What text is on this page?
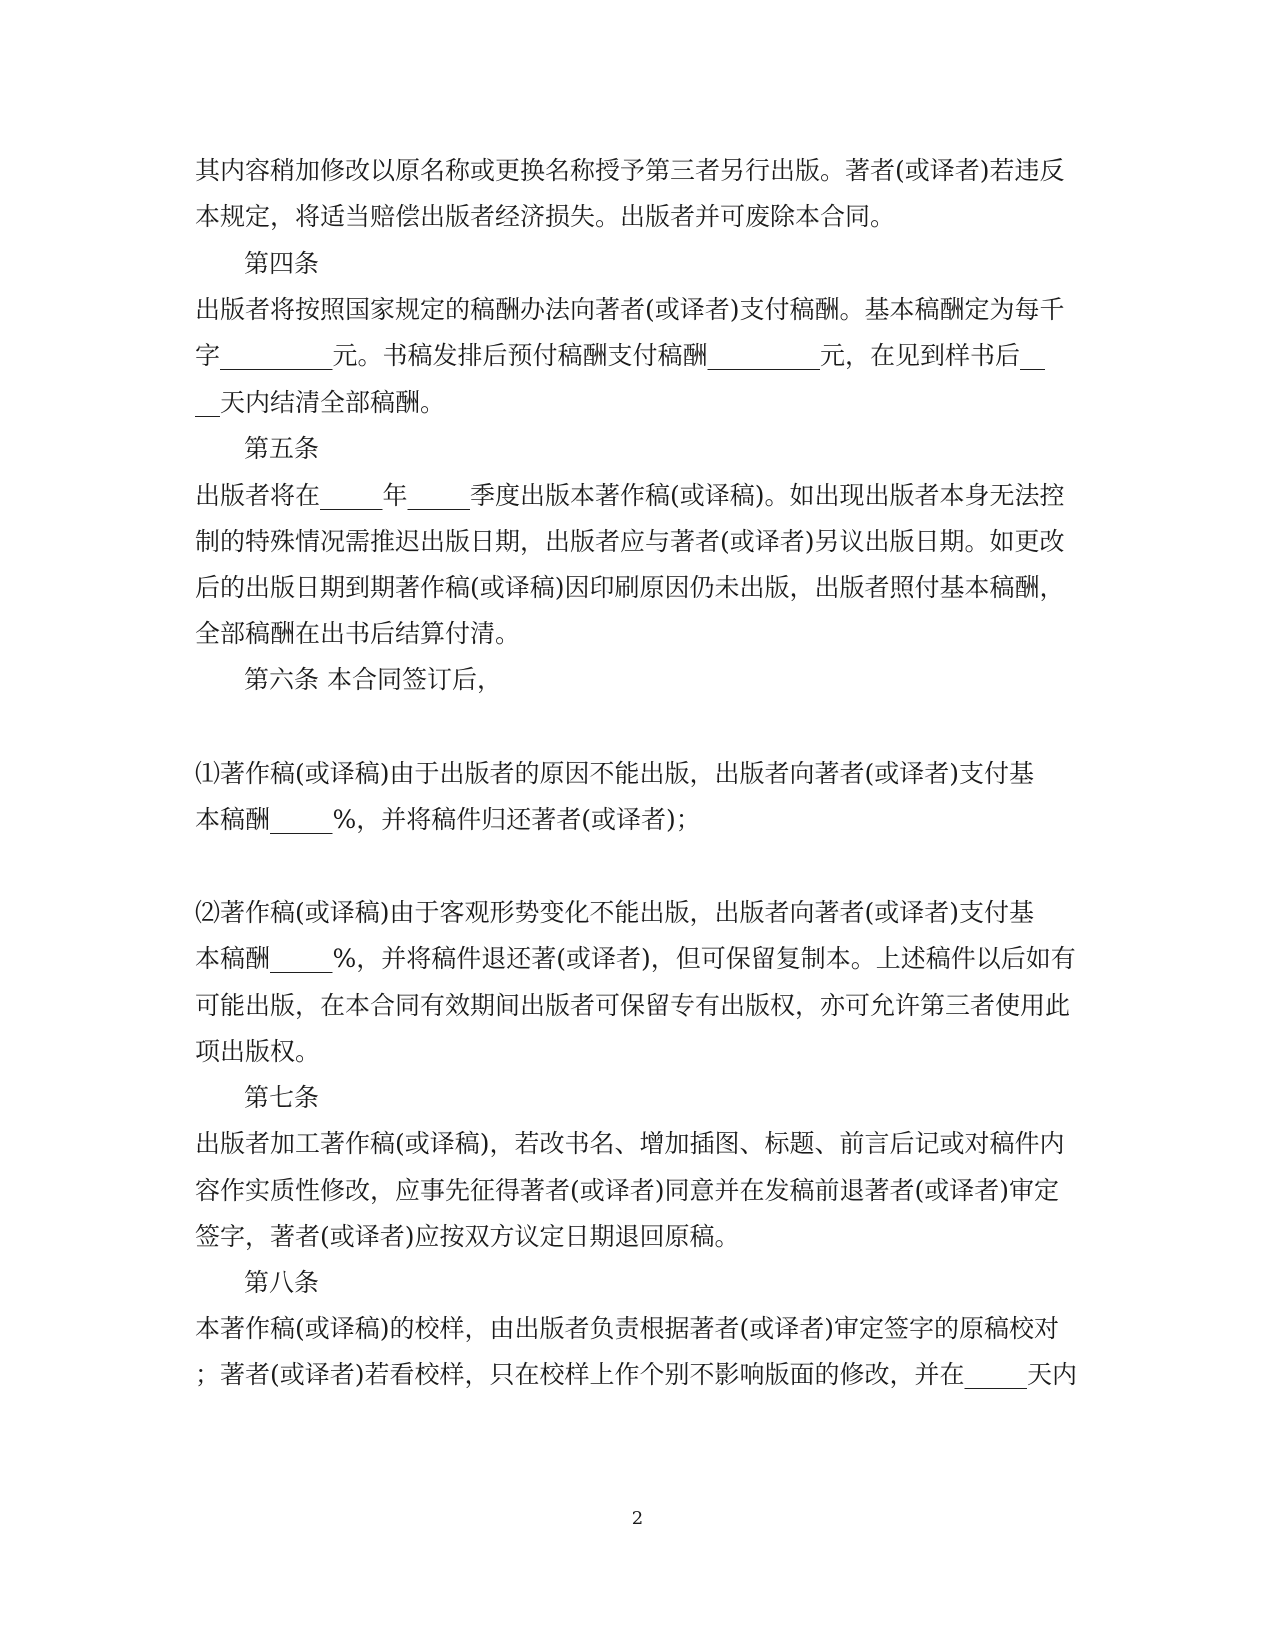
其内容稍加修改以原名称或更换名称授予第三者另行出版。著者(或译者)若违反
本规定，将适当赔偿出版者经济损失。出版者并可废除本合同。
第四条
出版者将按照国家规定的稿酬办法向著者(或译者)支付稿酬。基本稿酬定为每千
字_________元。书稿发排后预付稿酬支付稿酬_________元，在见到样书后__
__天内结清全部稿酬。
第五条
出版者将在_____年_____季度出版本著作稿(或译稿)。如出现出版者本身无法控
制的特殊情况需推迟出版日期，出版者应与著者(或译者)另议出版日期。如更改
后的出版日期到期著作稿(或译稿)因印刷原因仍未出版，出版者照付基本稿酬，
全部稿酬在出书后结算付清。
第六条 本合同签订后，
⑴著作稿(或译稿)由于出版者的原因不能出版，出版者向著者(或译者)支付基
本稿酬_____%，并将稿件归还著者(或译者)；
⑵著作稿(或译稿)由于客观形势变化不能出版，出版者向著者(或译者)支付基
本稿酬_____%，并将稿件退还著(或译者)，但可保留复制本。上述稿件以后如有
可能出版，在本合同有效期间出版者可保留专有出版权，亦可允许第三者使用此
项出版权。
第七条
出版者加工著作稿(或译稿)，若改书名、增加插图、标题、前言后记或对稿件内
容作实质性修改，应事先征得著者(或译者)同意并在发稿前退著者(或译者)审定
签字，著者(或译者)应按双方议定日期退回原稿。
第八条
本著作稿(或译稿)的校样，由出版者负责根据著者(或译者)审定签字的原稿校对
；著者(或译者)若看校样，只在校样上作个别不影响版面的修改，并在_____天内
2
